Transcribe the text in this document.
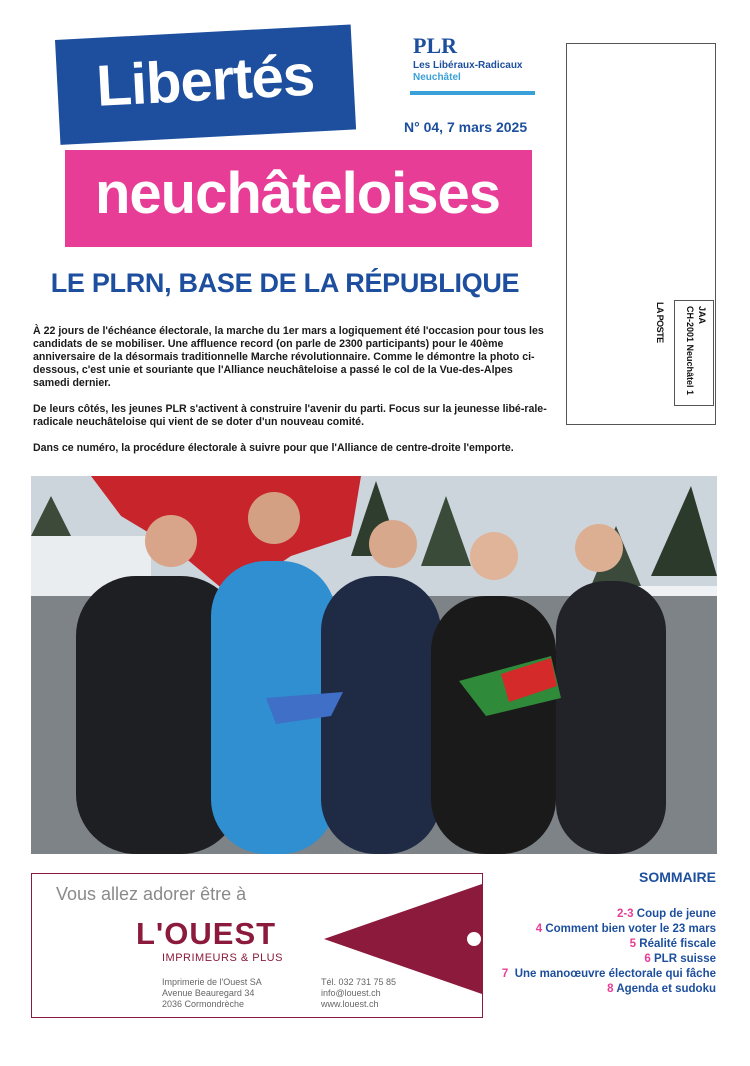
Libertés
neuchâteloises
PLR
Les Libéraux-Radicaux
Neuchâtel
N° 04, 7 mars 2025
JAA
CH-2001 Neuchâtel 1
LA POSTE
LE PLRN, BASE DE LA RÉPUBLIQUE

À 22 jours de l'échéance électorale, la marche du 1er mars a logiquement été l'occasion pour tous les candidats de se mobiliser. Une affluence record (on parle de 2300 participants) pour le 40ème anniversaire de la désormais traditionnelle Marche révolutionnaire. Comme le démontre la photo ci-dessous, c'est unie et souriante que l'Alliance neuchâteloise a passé le col de la Vue-des-Alpes samedi dernier.

De leurs côtés, les jeunes PLR s'activent à construire l'avenir du parti. Focus sur la jeunesse libé-rale-radicale neuchâteloise qui vient de se doter d'un nouveau comité.

Dans ce numéro, la procédure électorale à suivre pour que l'Alliance de centre-droite l'emporte.

Vous allez adorer être à
L'OUEST
IMPRIMEURS & PLUS
Imprimerie de l'Ouest SA
Avenue Beauregard 34
2036 Cormondrèche
Tél. 032 731 75 85
info@louest.ch
www.louest.ch
SOMMAIRE
2-3 Coup de jeune
4 Comment bien voter le 23 mars
5 Réalité fiscale
6 PLR suisse
7 Une manoœuvre électorale qui fâche
8 Agenda et sudoku
